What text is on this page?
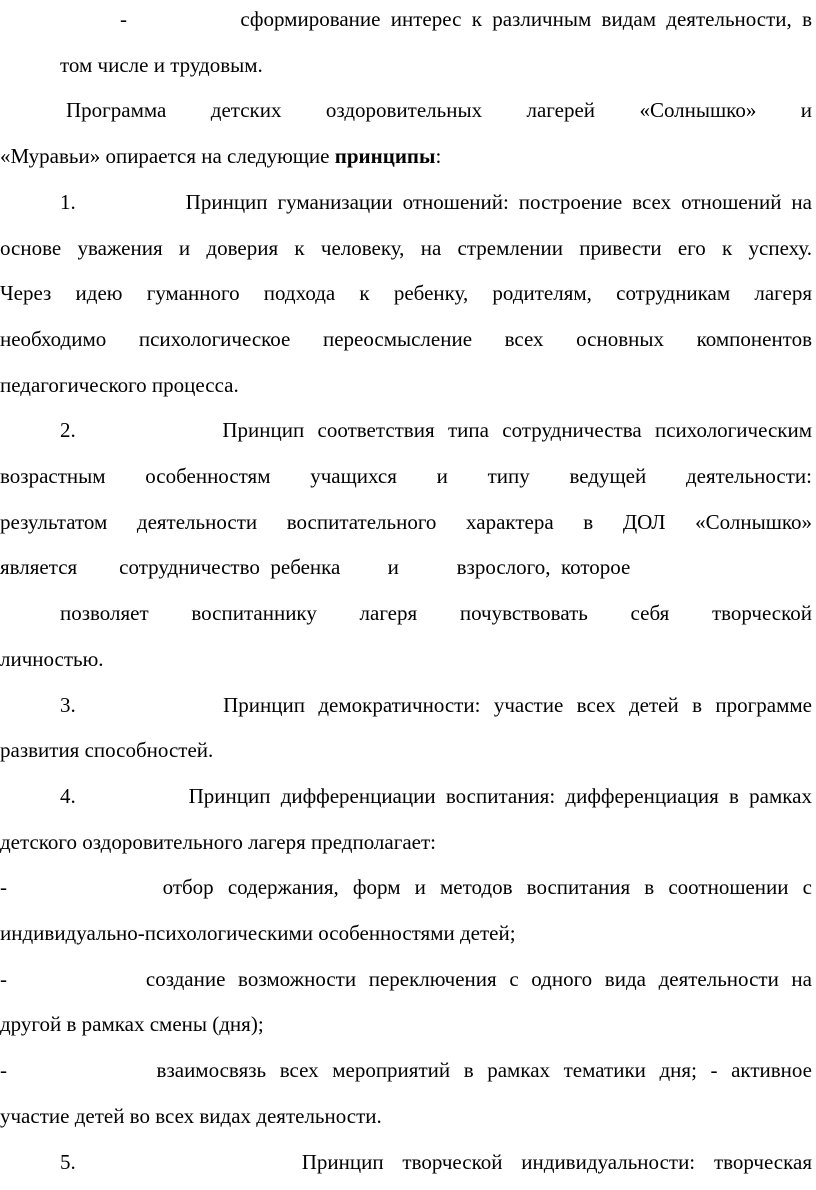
-           сформирование интерес к различным видам деятельности, в
том числе и трудовым.
Программа детских оздоровительных лагерей «Солнышко» и
«Муравьи» опирается на следующие принципы:
1.           Принцип гуманизации отношений: построение всех отношений на
основе уважения и доверия к человеку, на стремлении привести его к успеху.
Через идею гуманного подхода к ребенку, родителям, сотрудникам лагеря
необходимо психологическое переосмысление всех основных компонентов
педагогического процесса.
2.           Принцип соответствия типа сотрудничества психологическим
возрастным особенностям учащихся и типу ведущей деятельности:
результатом деятельности воспитательного характера в ДОЛ «Солнышко»
является        сотрудничество  ребенка         и           взрослого,  которое
позволяет воспитаннику лагеря почувствовать себя творческой
личностью.
3.           Принцип демократичности: участие всех детей в программе
развития способностей.
4.           Принцип дифференциации воспитания: дифференциация в рамках
детского оздоровительного лагеря предполагает:
-           отбор содержания, форм и методов воспитания в соотношении с
индивидуально-психологическими особенностями детей;
-           создание возможности переключения с одного вида деятельности на
другой в рамках смены (дня);
-           взаимосвязь всех мероприятий в рамках тематики дня; - активное
участие детей во всех видах деятельности.
5.            Принцип творческой индивидуальности: творческая
